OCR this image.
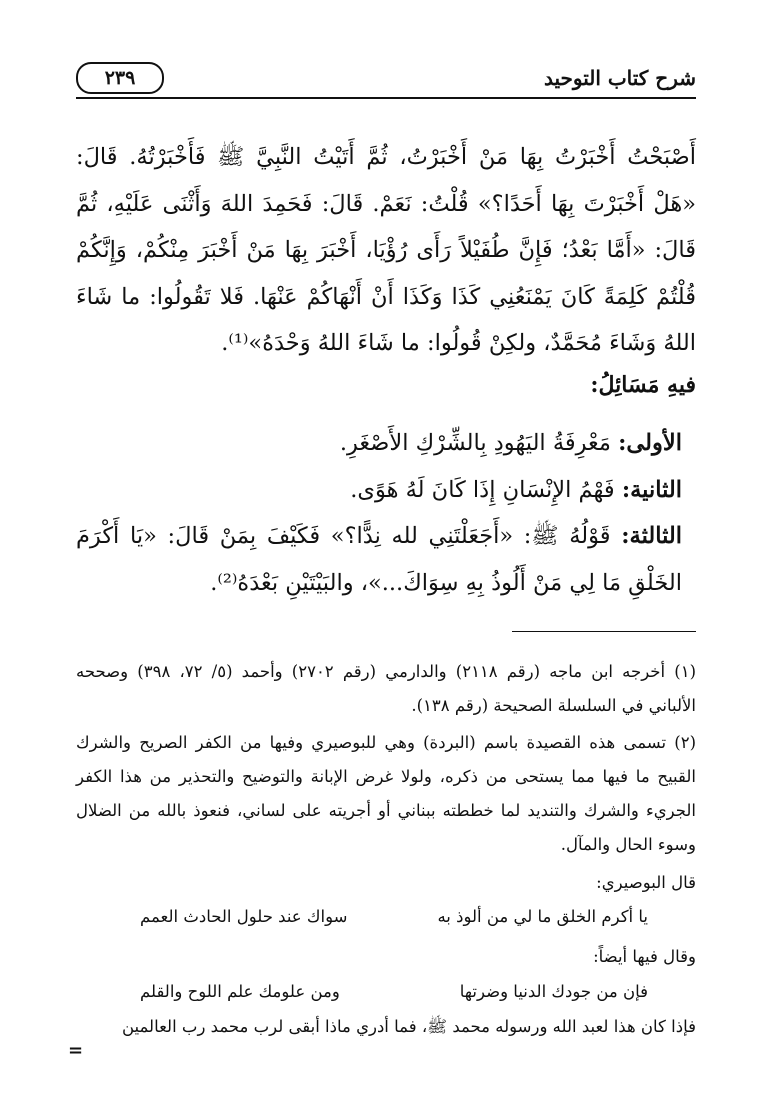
شرح كتاب التوحيد
٢٣٩

أَصْبَحْتُ أَخْبَرْتُ بِهَا مَنْ أَخْبَرْتُ، ثُمَّ أَتَيْتُ النَّبِيَّ ﷺ فَأَخْبَرْتُهُ. قَالَ: «هَلْ أَخْبَرْتَ بِهَا أَحَدًا؟» قُلْتُ: نَعَمْ. قَالَ: فَحَمِدَ اللهَ وَأَثْنَى عَلَيْهِ، ثُمَّ قَالَ: «أَمَّا بَعْدُ؛ فَإِنَّ طُفَيْلاً رَأَى رُؤْيَا، أَخْبَرَ بِهَا مَنْ أَخْبَرَ مِنْكُمْ، وَإِنَّكُمْ قُلْتُمْ كَلِمَةً كَانَ يَمْنَعُنِي كَذَا وَكَذَا أَنْ أَنْهَاكُمْ عَنْهَا. فَلا تَقُولُوا: ما شَاءَ اللهُ وَشَاءَ مُحَمَّدٌ، ولكِنْ قُولُوا: ما شَاءَ اللهُ وَحْدَهُ»⁽¹⁾.

فيهِ مَسَائِلُ:

الأولى: مَعْرِفَةُ اليَهُودِ بِالشِّرْكِ الأَصْغَرِ.

الثانية: فَهْمُ الإِنْسَانِ إِذَا كَانَ لَهُ هَوًى.

الثالثة: قَوْلُهُ ﷺ: «أَجَعَلْتَنِي لله نِدًّا؟» فَكَيْفَ بِمَنْ قَالَ: «يَا أَكْرَمَ الخَلْقِ مَا لِي مَنْ أَلُوذُ بِهِ سِوَاكَ...»، والبَيْتَيْنِ بَعْدَهُ⁽²⁾.

(١) أخرجه ابن ماجه (رقم ٢١١٨) والدارمي (رقم ٢٧٠٢) وأحمد (٥/ ٧٢، ٣٩٨) وصححه الألباني في السلسلة الصحيحة (رقم ١٣٨).

(٢) تسمى هذه القصيدة باسم (البردة) وهي للبوصيري وفيها من الكفر الصريح والشرك القبيح ما فيها مما يستحى من ذكره، ولولا غرض الإبانة والتوضيح والتحذير من هذا الكفر الجريء والشرك والتنديد لما خططته ببناني أو أجريته على لساني، فنعوذ بالله من الضلال وسوء الحال والمآل.

قال البوصيري:
يا أكرم الخلق ما لي من ألوذ به
سواك عند حلول الحادث العمم
وقال فيها أيضاً:
فإن من جودك الدنيا وضرتها
ومن علومك علم اللوح والقلم
فإذا كان هذا لعبد الله ورسوله محمد ﷺ، فما أدري ماذا أبقى لرب محمد رب العالمين
=
